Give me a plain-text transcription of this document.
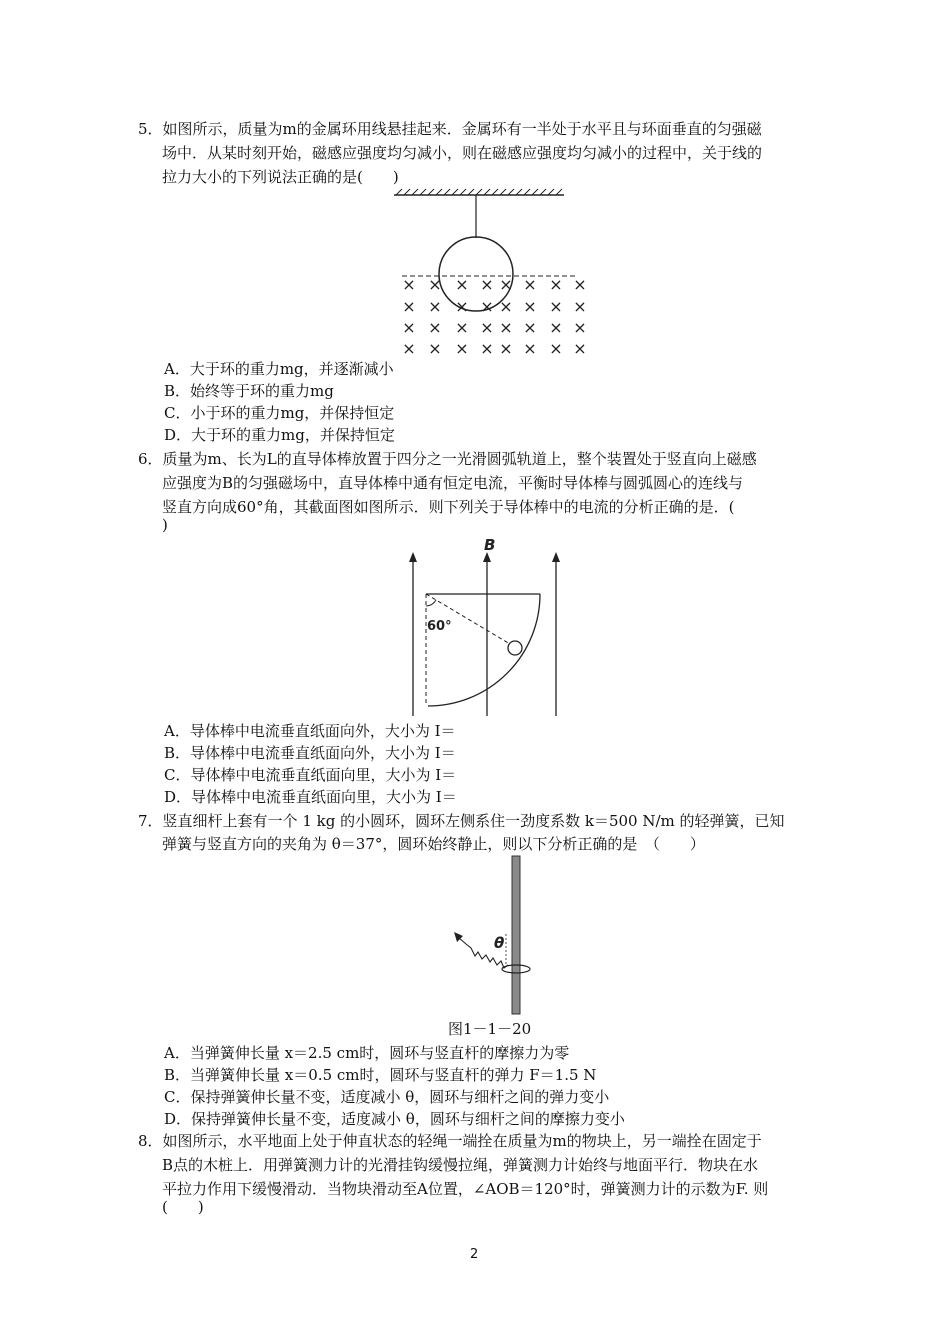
5．如图所示，质量为m的金属环用线悬挂起来．金属环有一半处于水平且与环面垂直的匀强磁
场中．从某时刻开始，磁感应强度均匀减小，则在磁感应强度均匀减小的过程中，关于线的
拉力大小的下列说法正确的是(　　)
× × × × × × × ×
× × × × × × × ×
× × × × × × × ×
× × × × × × × ×
A．大于环的重力mg，并逐渐减小
B．始终等于环的重力mg
C．小于环的重力mg，并保持恒定
D．大于环的重力mg，并保持恒定
6．质量为m、长为L的直导体棒放置于四分之一光滑圆弧轨道上，整个装置处于竖直向上磁感
应强度为B的匀强磁场中，直导体棒中通有恒定电流，平衡时导体棒与圆弧圆心的连线与
竖直方向成60°角，其截面图如图所示．则下列关于导体棒中的电流的分析正确的是．(
)
B
60°
A．导体棒中电流垂直纸面向外，大小为 I＝
B．导体棒中电流垂直纸面向外，大小为 I＝
C．导体棒中电流垂直纸面向里，大小为 I＝
D．导体棒中电流垂直纸面向里，大小为 I＝
7．竖直细杆上套有一个 1 kg 的小圆环，圆环左侧系住一劲度系数 k＝500 N/m 的轻弹簧，已知
弹簧与竖直方向的夹角为 θ＝37°，圆环始终静止，则以下分析正确的是　（　　）
θ
图1－1－20
A．当弹簧伸长量 x＝2.5 cm时，圆环与竖直杆的摩擦力为零
B．当弹簧伸长量 x＝0.5 cm时，圆环与竖直杆的弹力 F＝1.5 N
C．保持弹簧伸长量不变，适度减小 θ，圆环与细杆之间的弹力变小
D．保持弹簧伸长量不变，适度减小 θ，圆环与细杆之间的摩擦力变小
8．如图所示，水平地面上处于伸直状态的轻绳一端拴在质量为m的物块上，另一端拴在固定于
B点的木桩上．用弹簧测力计的光滑挂钩缓慢拉绳，弹簧测力计始终与地面平行．物块在水
平拉力作用下缓慢滑动．当物块滑动至A位置，∠AOB＝120°时，弹簧测力计的示数为F. 则
(　　)
2
